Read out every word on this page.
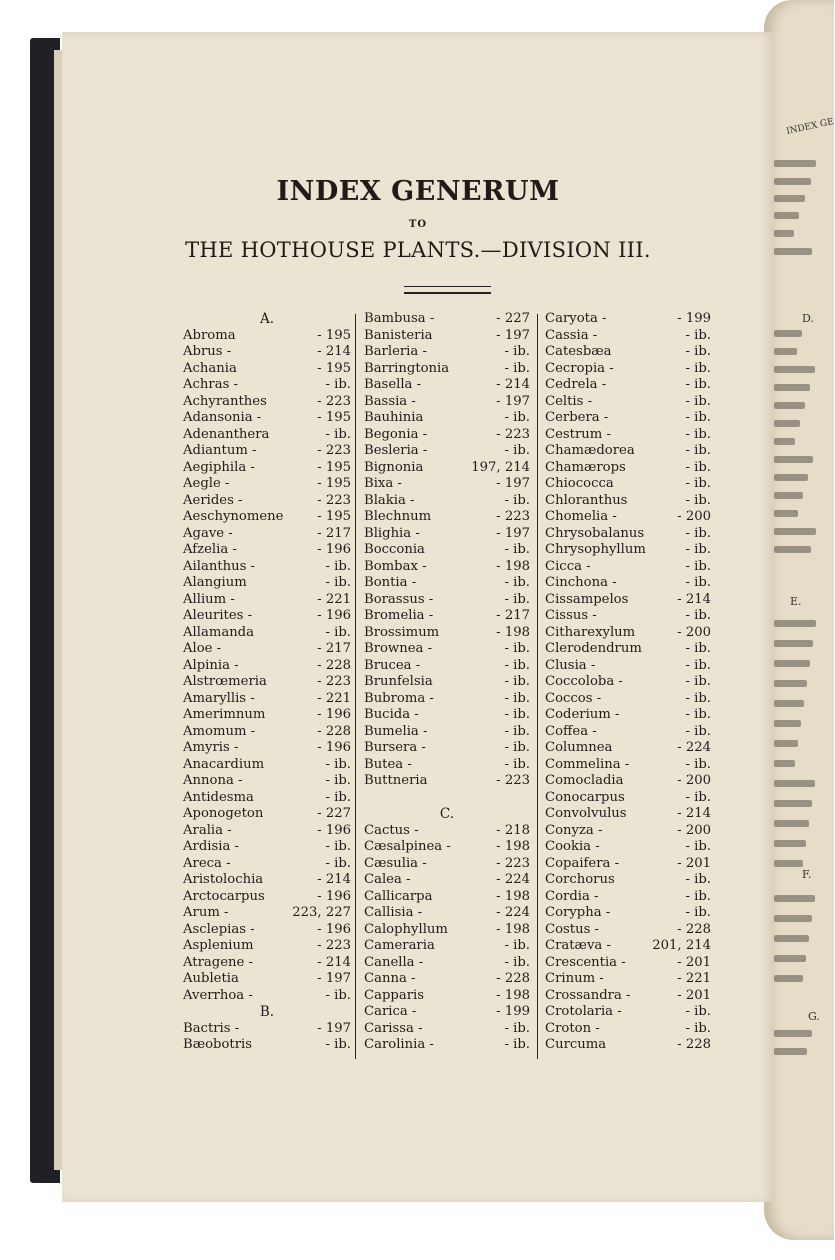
INDEX GE
D.
E.
F.
G.
INDEX GENERUM
TO
THE HOTHOUSE PLANTS.—DIVISION III.
A.
Abroma	- 195
Abrus -	- 214
Achania	- 195
Achras -	- ib.
Achyranthes	- 223
Adansonia -	- 195
Adenanthera	- ib.
Adiantum -	- 223
Aegiphila -	- 195
Aegle -	- 195
Aerides -	- 223
Aeschynomene	- 195
Agave -	- 217
Afzelia -	- 196
Ailanthus -	- ib.
Alangium	- ib.
Allium -	- 221
Aleurites -	- 196
Allamanda	- ib.
Aloe -	- 217
Alpinia -	- 228
Alstrœmeria	- 223
Amaryllis -	- 221
Amerimnum	- 196
Amomum -	- 228
Amyris -	- 196
Anacardium	- ib.
Annona -	- ib.
Antidesma	- ib.
Aponogeton	- 227
Aralia -	- 196
Ardisia -	- ib.
Areca -	- ib.
Aristolochia	- 214
Arctocarpus	- 196
Arum -	223, 227
Asclepias -	- 196
Asplenium	- 223
Atragene -	- 214
Aubletia	- 197
Averrhoa -	- ib.
B.
Bactris -	- 197
Bæobotris	- ib.
Bambusa -	- 227
Banisteria	- 197
Barleria -	- ib.
Barringtonia	- ib.
Basella -	- 214
Bassia -	- 197
Bauhinia	- ib.
Begonia -	- 223
Besleria -	- ib.
Bignonia	197, 214
Bixa -	- 197
Blakia -	- ib.
Blechnum	- 223
Blighia -	- 197
Bocconia	- ib.
Bombax -	- 198
Bontia -	- ib.
Borassus -	- ib.
Bromelia -	- 217
Brossimum	- 198
Brownea -	- ib.
Brucea -	- ib.
Brunfelsia	- ib.
Bubroma -	- ib.
Bucida -	- ib.
Bumelia -	- ib.
Bursera -	- ib.
Butea -	- ib.
Buttneria	- 223
C.
Cactus -	- 218
Cæsalpinea -	- 198
Cæsulia -	- 223
Calea -	- 224
Callicarpa	- 198
Callisia -	- 224
Calophyllum	- 198
Cameraria	- ib.
Canella -	- ib.
Canna -	- 228
Capparis	- 198
Carica -	- 199
Carissa -	- ib.
Carolinia -	- ib.
Caryota -	- 199
Cassia -	- ib.
Catesbæa	- ib.
Cecropia -	- ib.
Cedrela -	- ib.
Celtis -	- ib.
Cerbera -	- ib.
Cestrum -	- ib.
Chamædorea	- ib.
Chamærops	- ib.
Chiococca	- ib.
Chloranthus	- ib.
Chomelia -	- 200
Chrysobalanus	- ib.
Chrysophyllum	- ib.
Cicca -	- ib.
Cinchona -	- ib.
Cissampelos	- 214
Cissus -	- ib.
Citharexylum	- 200
Clerodendrum	- ib.
Clusia -	- ib.
Coccoloba -	- ib.
Coccos -	- ib.
Coderium -	- ib.
Coffea -	- ib.
Columnea	- 224
Commelina -	- ib.
Comocladia	- 200
Conocarpus	- ib.
Convolvulus	- 214
Conyza -	- 200
Cookia -	- ib.
Copaifera -	- 201
Corchorus	- ib.
Cordia -	- ib.
Corypha -	- ib.
Costus -	- 228
Cratæva -	201, 214
Crescentia -	- 201
Crinum -	- 221
Crossandra -	- 201
Crotolaria -	- ib.
Croton -	- ib.
Curcuma	- 228
